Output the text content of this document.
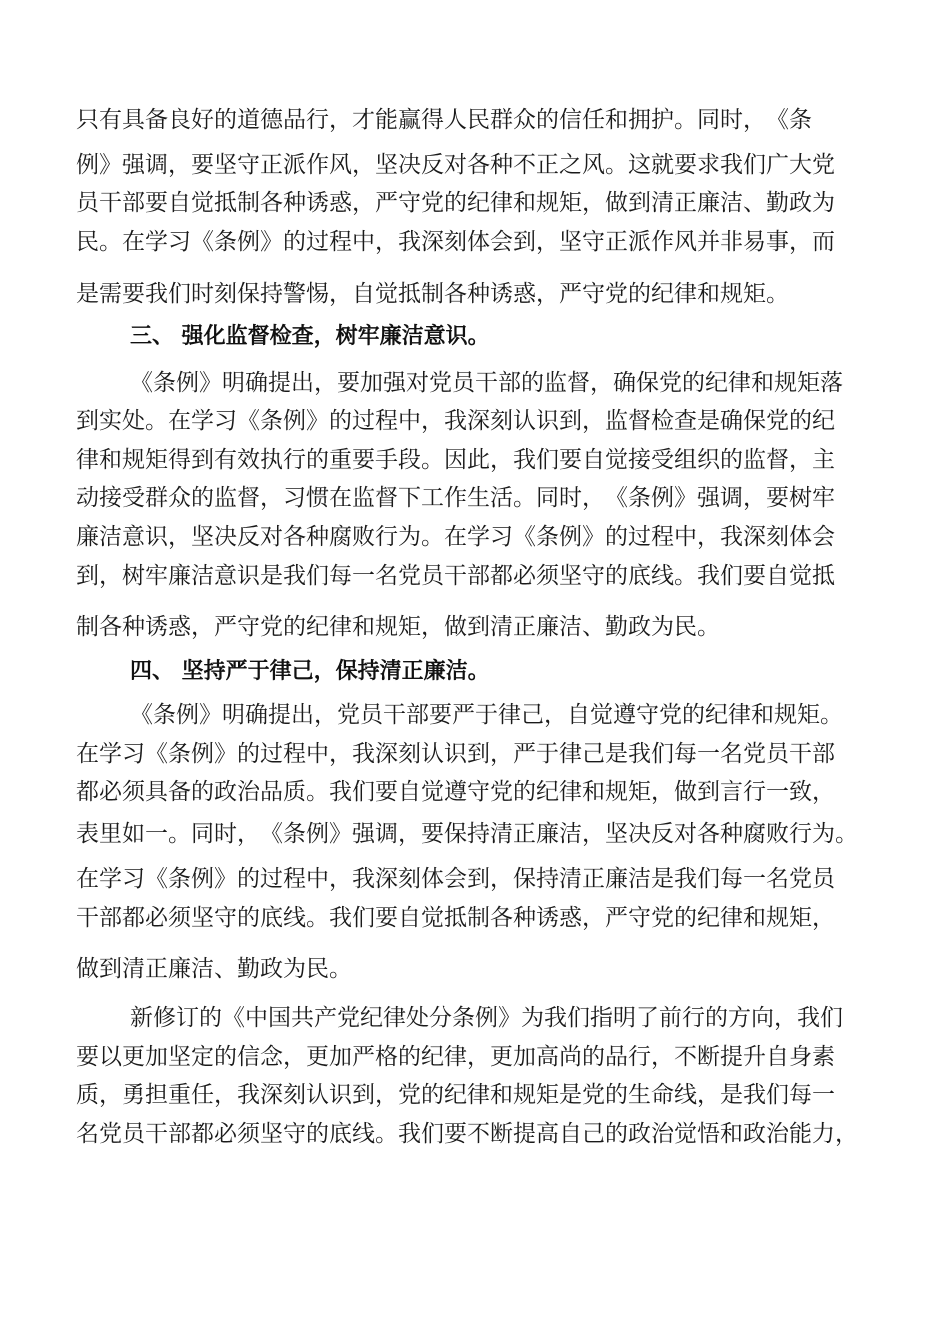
只有具备良好的道德品行，才能赢得人民群众的信任和拥护。同时，　《条

例》强调，要坚守正派作风，坚决反对各种不正之风。这就要求我们广大党

员干部要自觉抵制各种诱惑，严守党的纪律和规矩，做到清正廉洁、勤政为

民。在学习《条例》的过程中，我深刻体会到，坚守正派作风并非易事，而

是需要我们时刻保持警惕，自觉抵制各种诱惑，严守党的纪律和规矩。

三、 强化监督检查，树牢廉洁意识。

《条例》明确提出，要加强对党员干部的监督，确保党的纪律和规矩落

到实处。在学习《条例》的过程中，我深刻认识到，监督检查是确保党的纪

律和规矩得到有效执行的重要手段。因此，我们要自觉接受组织的监督，主

动接受群众的监督，习惯在监督下工作生活。同时，　《条例》强调，要树牢

廉洁意识，坚决反对各种腐败行为。在学习《条例》的过程中，我深刻体会

到，树牢廉洁意识是我们每一名党员干部都必须坚守的底线。我们要自觉抵

制各种诱惑，严守党的纪律和规矩，做到清正廉洁、勤政为民。

四、 坚持严于律己，保持清正廉洁。

《条例》明确提出，党员干部要严于律己，自觉遵守党的纪律和规矩。

在学习《条例》的过程中，我深刻认识到，严于律己是我们每一名党员干部

都必须具备的政治品质。我们要自觉遵守党的纪律和规矩，做到言行一致，

表里如一。同时，　《条例》强调，要保持清正廉洁，坚决反对各种腐败行为。

在学习《条例》的过程中，我深刻体会到，保持清正廉洁是我们每一名党员

干部都必须坚守的底线。我们要自觉抵制各种诱惑，严守党的纪律和规矩，

做到清正廉洁、勤政为民。

新修订的《中国共产党纪律处分条例》为我们指明了前行的方向，我们

要以更加坚定的信念，更加严格的纪律，更加高尚的品行，不断提升自身素

质，勇担重任，我深刻认识到，党的纪律和规矩是党的生命线，是我们每一

名党员干部都必须坚守的底线。我们要不断提高自己的政治觉悟和政治能力，
